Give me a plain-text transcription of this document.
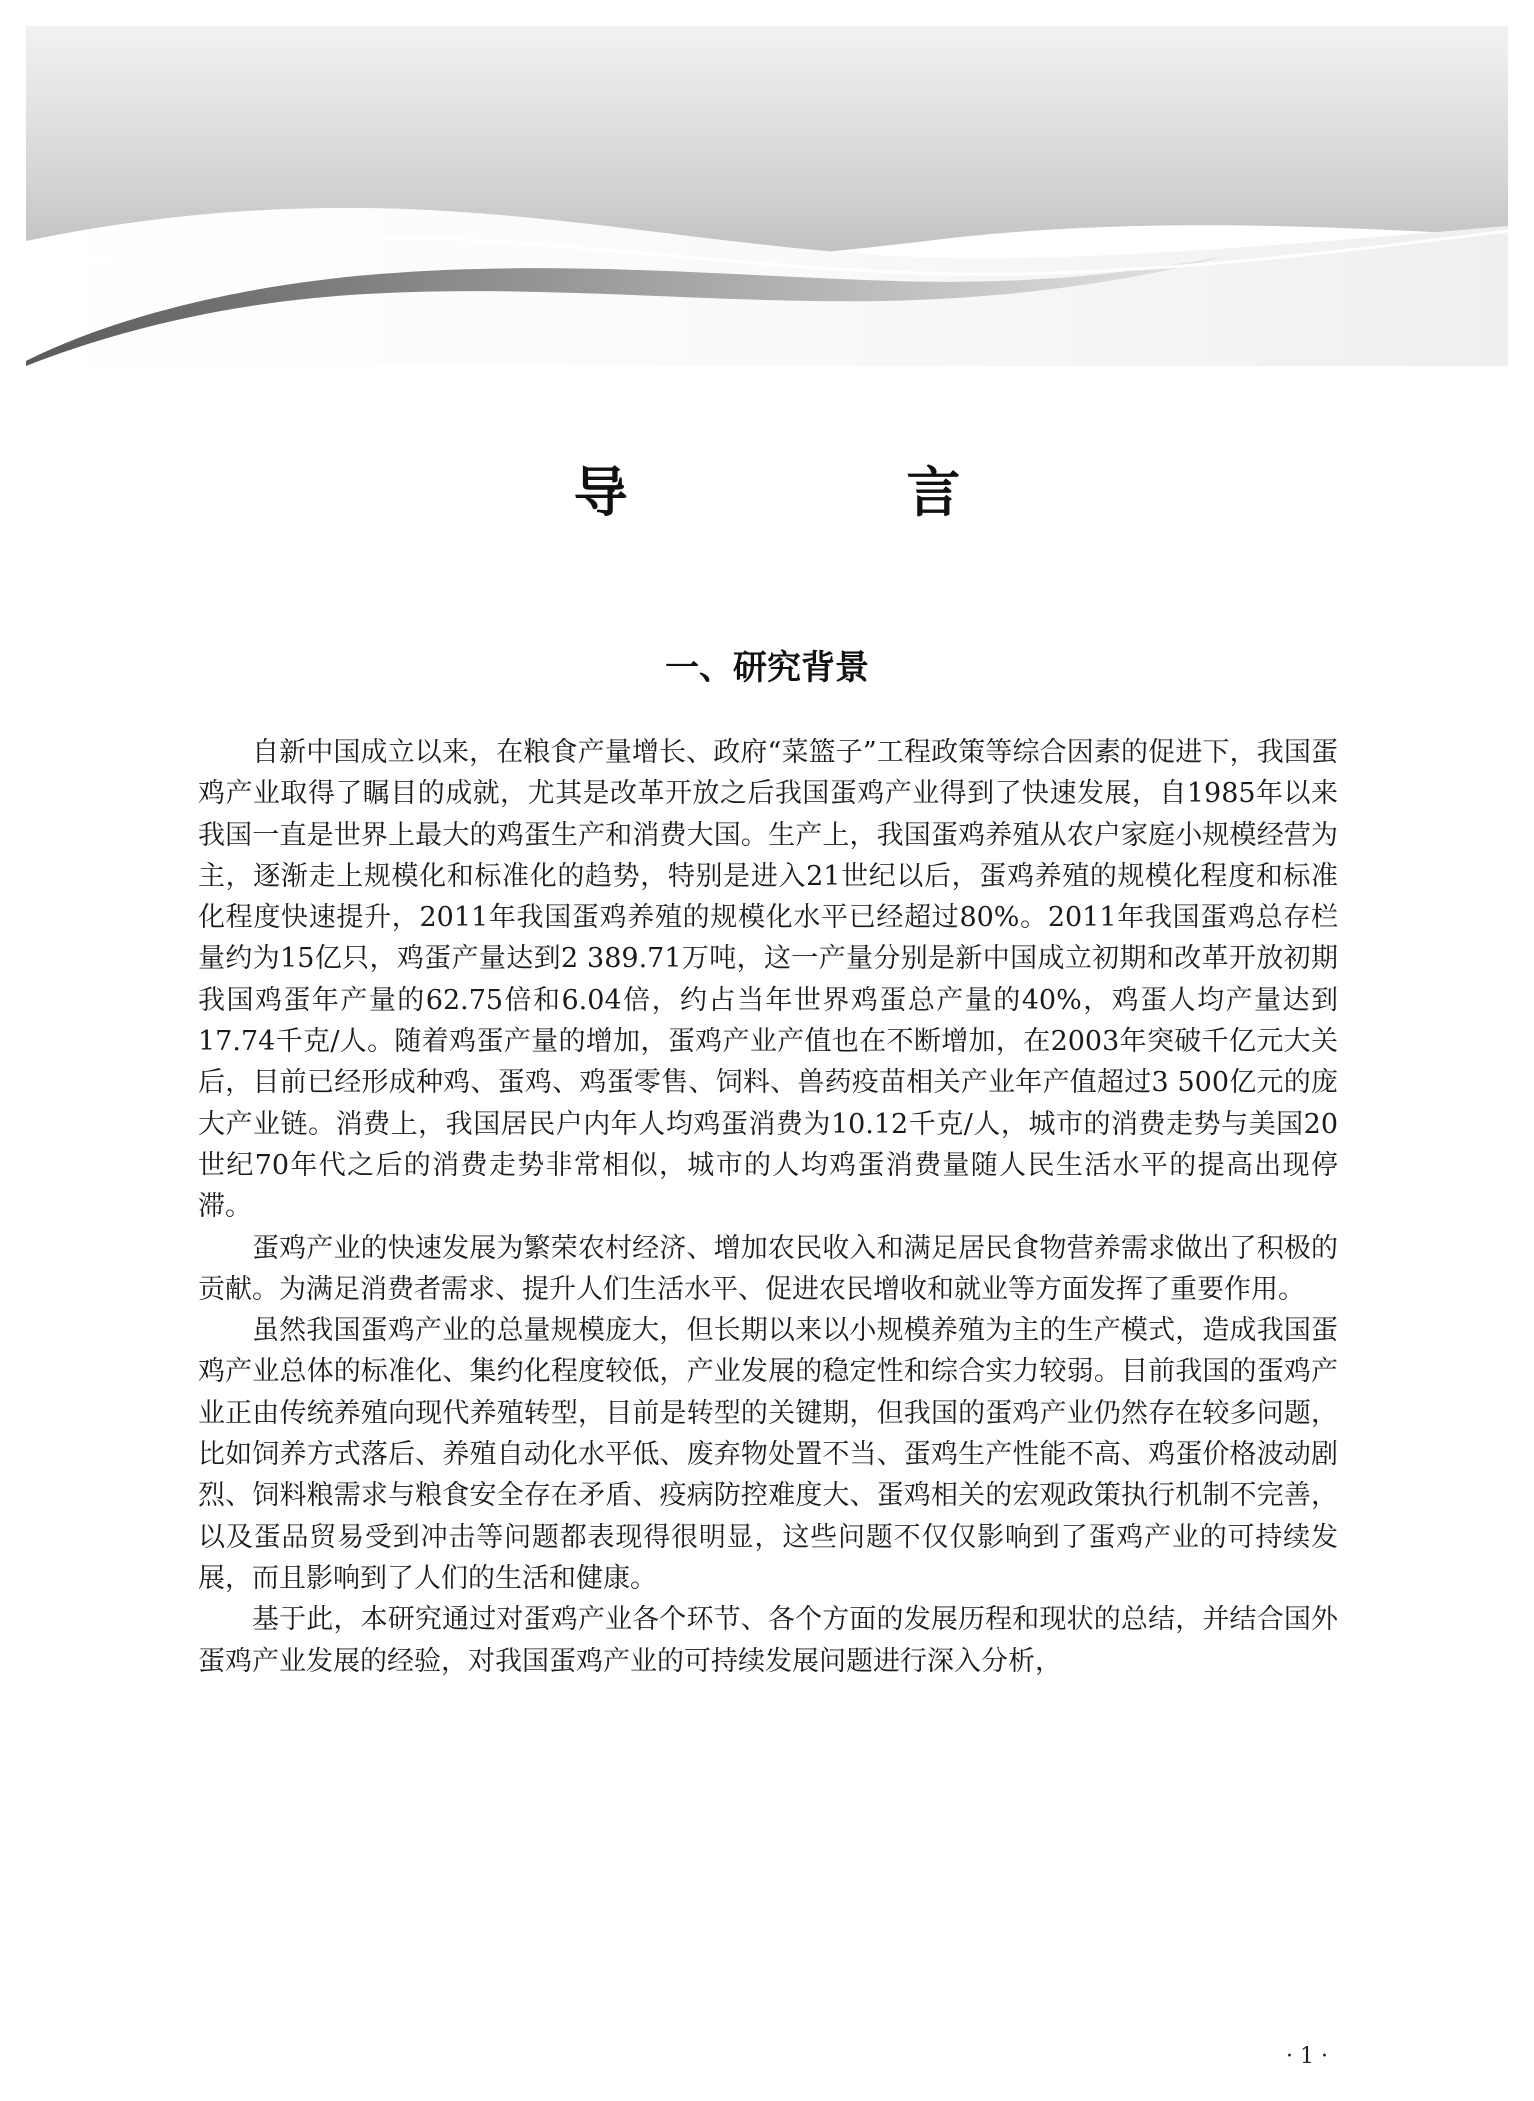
导 言
一、研究背景

自新中国成立以来，在粮食产量增长、政府“菜篮子”工程政策等综合因素的促进下，我国蛋鸡产业取得了瞩目的成就，尤其是改革开放之后我国蛋鸡产业得到了快速发展，自1985年以来我国一直是世界上最大的鸡蛋生产和消费大国。生产上，我国蛋鸡养殖从农户家庭小规模经营为主，逐渐走上规模化和标准化的趋势，特别是进入21世纪以后，蛋鸡养殖的规模化程度和标准化程度快速提升，2011年我国蛋鸡养殖的规模化水平已经超过80%。2011年我国蛋鸡总存栏量约为15亿只，鸡蛋产量达到2 389.71万吨，这一产量分别是新中国成立初期和改革开放初期我国鸡蛋年产量的62.75倍和6.04倍，约占当年世界鸡蛋总产量的40%，鸡蛋人均产量达到17.74千克/人。随着鸡蛋产量的增加，蛋鸡产业产值也在不断增加，在2003年突破千亿元大关后，目前已经形成种鸡、蛋鸡、鸡蛋零售、饲料、兽药疫苗相关产业年产值超过3 500亿元的庞大产业链。消费上，我国居民户内年人均鸡蛋消费为10.12千克/人，城市的消费走势与美国20世纪70年代之后的消费走势非常相似，城市的人均鸡蛋消费量随人民生活水平的提高出现停滞。

蛋鸡产业的快速发展为繁荣农村经济、增加农民收入和满足居民食物营养需求做出了积极的贡献。为满足消费者需求、提升人们生活水平、促进农民增收和就业等方面发挥了重要作用。

虽然我国蛋鸡产业的总量规模庞大，但长期以来以小规模养殖为主的生产模式，造成我国蛋鸡产业总体的标准化、集约化程度较低，产业发展的稳定性和综合实力较弱。目前我国的蛋鸡产业正由传统养殖向现代养殖转型，目前是转型的关键期，但我国的蛋鸡产业仍然存在较多问题，比如饲养方式落后、养殖自动化水平低、废弃物处置不当、蛋鸡生产性能不高、鸡蛋价格波动剧烈、饲料粮需求与粮食安全存在矛盾、疫病防控难度大、蛋鸡相关的宏观政策执行机制不完善，以及蛋品贸易受到冲击等问题都表现得很明显，这些问题不仅仅影响到了蛋鸡产业的可持续发展，而且影响到了人们的生活和健康。

基于此，本研究通过对蛋鸡产业各个环节、各个方面的发展历程和现状的总结，并结合国外蛋鸡产业发展的经验，对我国蛋鸡产业的可持续发展问题进行深入分析，

· 1 ·
